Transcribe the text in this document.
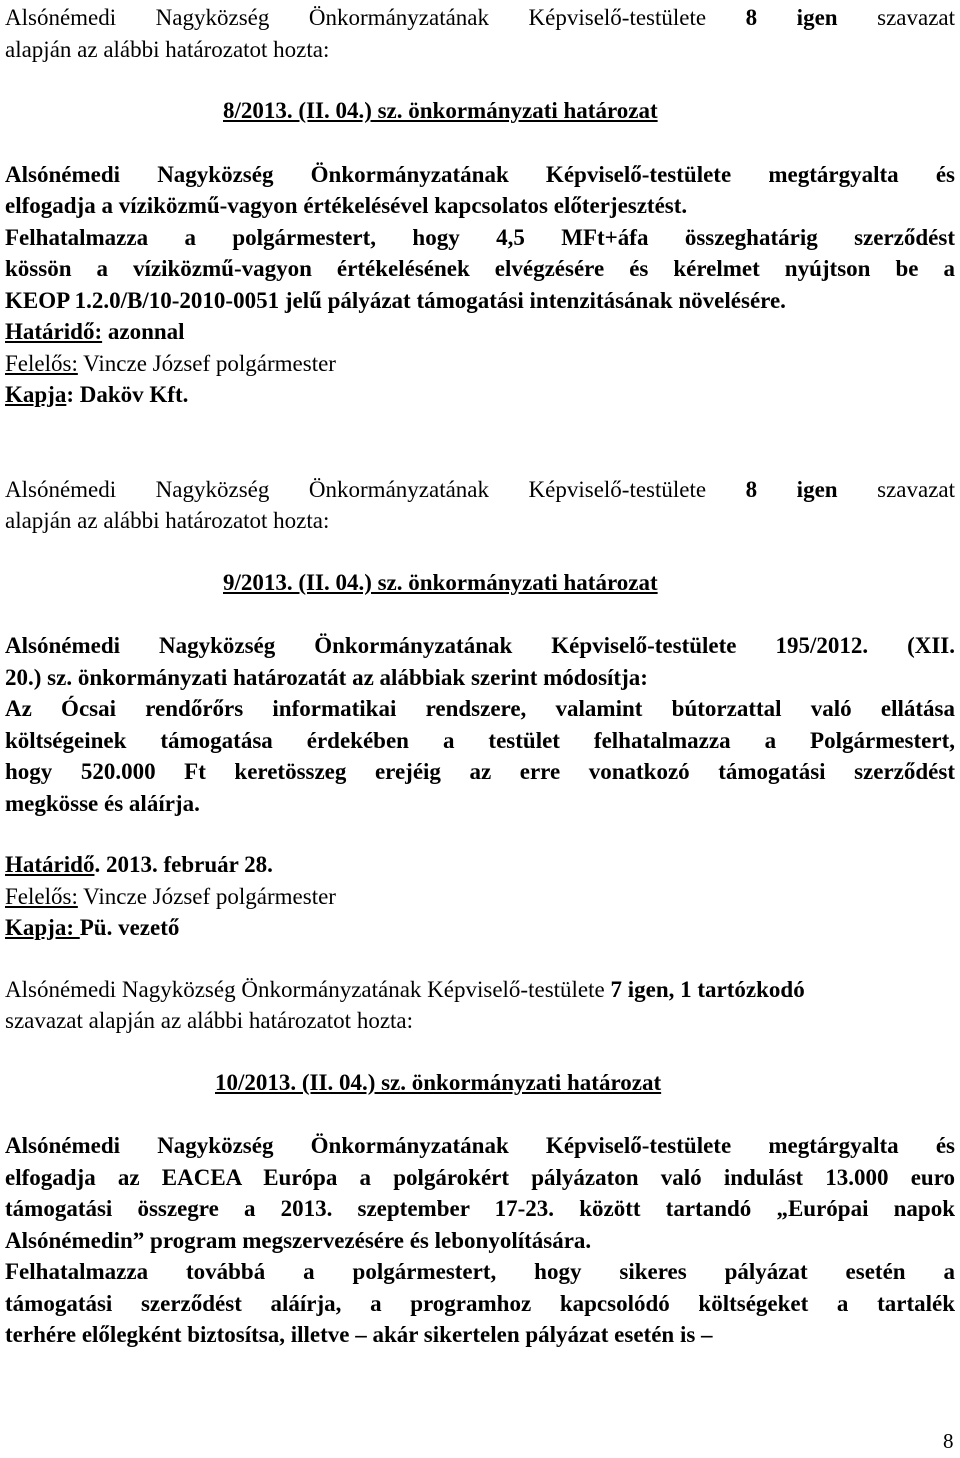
Alsónémedi Nagyközség Önkormányzatának Képviselő-testülete 8 igen szavazat

alapján az alábbi határozatot hozta:

8/2013. (II. 04.) sz. önkormányzati határozat

Alsónémedi Nagyközség Önkormányzatának Képviselő-testülete megtárgyalta és

elfogadja a víziközmű-vagyon értékelésével kapcsolatos előterjesztést.

Felhatalmazza a polgármestert, hogy 4,5 MFt+áfa összeghatárig szerződést

kössön a víziközmű-vagyon értékelésének elvégzésére és kérelmet nyújtson be a

KEOP 1.2.0/B/10-2010-0051 jelű pályázat támogatási intenzitásának növelésére.

Határidő: azonnal

Felelős: Vincze József polgármester

Kapja: Daköv Kft.

Alsónémedi Nagyközség Önkormányzatának Képviselő-testülete 8 igen szavazat

alapján az alábbi határozatot hozta:

9/2013. (II. 04.) sz. önkormányzati határozat

Alsónémedi Nagyközség Önkormányzatának Képviselő-testülete 195/2012. (XII.

20.) sz. önkormányzati határozatát az alábbiak szerint módosítja:

Az Ócsai rendőrőrs informatikai rendszere, valamint bútorzattal való ellátása

költségeinek támogatása érdekében a testület felhatalmazza a Polgármestert,

hogy 520.000 Ft keretösszeg erejéig az erre vonatkozó támogatási szerződést

megkösse és aláírja.

Határidő. 2013. február 28.

Felelős: Vincze József polgármester

Kapja: Pü. vezető

Alsónémedi Nagyközség Önkormányzatának Képviselő-testülete 7 igen, 1 tartózkodó

szavazat alapján az alábbi határozatot hozta:

10/2013. (II. 04.) sz. önkormányzati határozat

Alsónémedi Nagyközség Önkormányzatának Képviselő-testülete megtárgyalta és

elfogadja az EACEA Európa a polgárokért pályázaton való indulást 13.000 euro

támogatási összegre a 2013. szeptember 17-23. között tartandó „Európai napok

Alsónémedin” program megszervezésére és lebonyolítására.

Felhatalmazza továbbá a polgármestert, hogy sikeres pályázat esetén a

támogatási szerződést aláírja, a programhoz kapcsolódó költségeket a tartalék

terhére előlegként biztosítsa, illetve – akár sikertelen pályázat esetén is –

8
